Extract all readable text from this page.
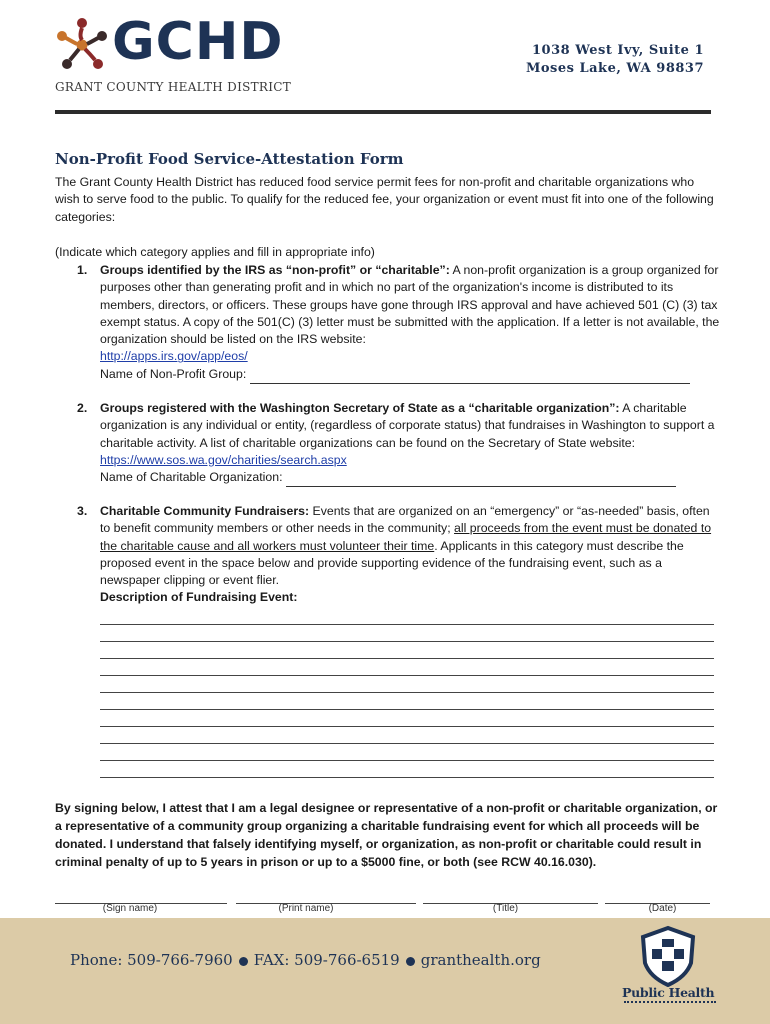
GCHD
GRANT COUNTY HEALTH DISTRICT
1038 West Ivy, Suite 1
Moses Lake, WA 98837
Non-Profit Food Service-Attestation Form
The Grant County Health District has reduced food service permit fees for non-profit and charitable organizations who wish to serve food to the public. To qualify for the reduced fee, your organization or event must fit into one of the following categories:
(Indicate which category applies and fill in appropriate info)
1. Groups identified by the IRS as “non-profit” or “charitable”: A non-profit organization is a group organized for purposes other than generating profit and in which no part of the organization's income is distributed to its members, directors, or officers. These groups have gone through IRS approval and have achieved 501 (C) (3) tax exempt status. A copy of the 501(C) (3) letter must be submitted with the application. If a letter is not available, the organization should be listed on the IRS website:
http://apps.irs.gov/app/eos/
Name of Non-Profit Group:
2. Groups registered with the Washington Secretary of State as a “charitable organization”: A charitable organization is any individual or entity, (regardless of corporate status) that fundraises in Washington to support a charitable activity. A list of charitable organizations can be found on the Secretary of State website: https://www.sos.wa.gov/charities/search.aspx
Name of Charitable Organization:
3. Charitable Community Fundraisers: Events that are organized on an “emergency” or “as-needed” basis, often to benefit community members or other needs in the community; all proceeds from the event must be donated to the charitable cause and all workers must volunteer their time. Applicants in this category must describe the proposed event in the space below and provide supporting evidence of the fundraising event, such as a newspaper clipping or event flier.
Description of Fundraising Event:
By signing below, I attest that I am a legal designee or representative of a non-profit or charitable organization, or a representative of a community group organizing a charitable fundraising event for which all proceeds will be donated. I understand that falsely identifying myself, or organization, as non-profit or charitable could result in criminal penalty of up to 5 years in prison or up to a $5000 fine, or both (see RCW 40.16.030).
(Sign name)	(Print name)	(Title)	(Date)
Phone: 509-766-7960 FAX: 509-766-6519 granthealth.org
Public Health
